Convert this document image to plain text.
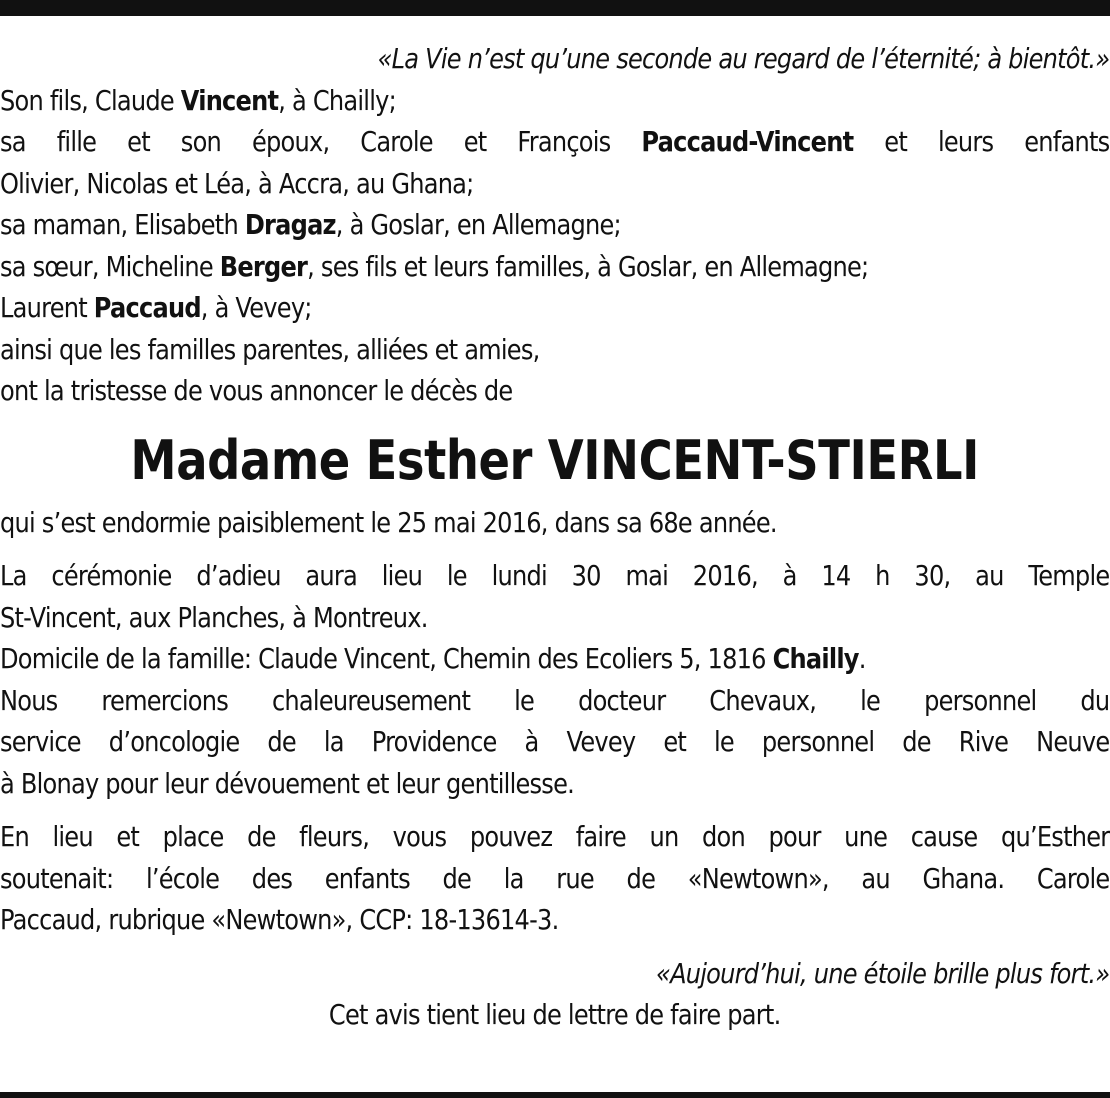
«La Vie n’est qu’une seconde au regard de l’éternité; à bientôt.»
Son fils, Claude Vincent, à Chailly;
sa fille et son époux, Carole et François Paccaud-Vincent et leurs enfants
Olivier, Nicolas et Léa, à Accra, au Ghana;
sa maman, Elisabeth Dragaz, à Goslar, en Allemagne;
sa sœur, Micheline Berger, ses fils et leurs familles, à Goslar, en Allemagne;
Laurent Paccaud, à Vevey;
ainsi que les familles parentes, alliées et amies,
ont la tristesse de vous annoncer le décès de
Madame Esther VINCENT-STIERLI
qui s’est endormie paisiblement le 25 mai 2016, dans sa 68e année.
La cérémonie d’adieu aura lieu le lundi 30 mai 2016, à 14 h 30, au Temple
St-Vincent, aux Planches, à Montreux.
Domicile de la famille: Claude Vincent, Chemin des Ecoliers 5, 1816 Chailly.
Nous remercions chaleureusement le docteur Chevaux, le personnel du
service d’oncologie de la Providence à Vevey et le personnel de Rive Neuve
à Blonay pour leur dévouement et leur gentillesse.
En lieu et place de fleurs, vous pouvez faire un don pour une cause qu’Esther
soutenait: l’école des enfants de la rue de «Newtown», au Ghana. Carole
Paccaud, rubrique «Newtown», CCP: 18-13614-3.
«Aujourd’hui, une étoile brille plus fort.»
Cet avis tient lieu de lettre de faire part.
